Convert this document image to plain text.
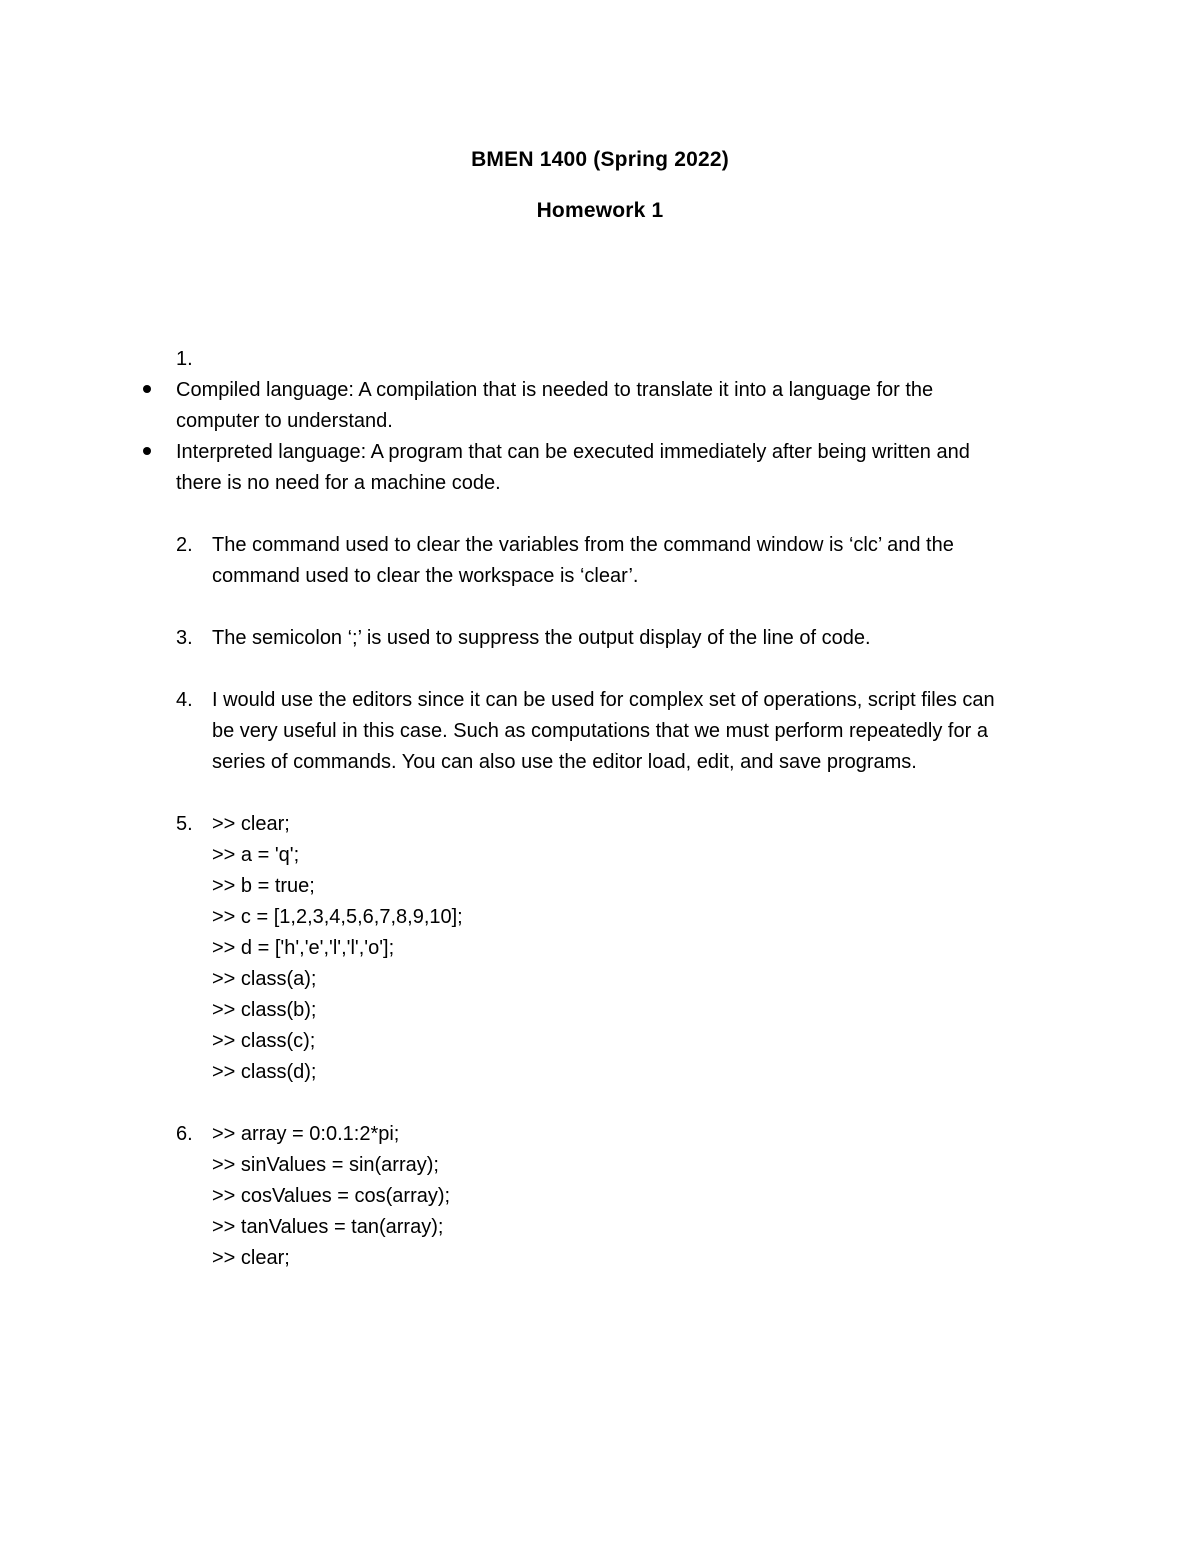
BMEN 1400 (Spring 2022)
Homework 1
1.
Compiled language: A compilation that is needed to translate it into a language for the
computer to understand.
Interpreted language: A program that can be executed immediately after being written and
there is no need for a machine code.
2. The command used to clear the variables from the command window is ‘clc’ and the
command used to clear the workspace is ‘clear’.
3. The semicolon ‘;’ is used to suppress the output display of the line of code.
4. I would use the editors since it can be used for complex set of operations, script files can
be very useful in this case. Such as computations that we must perform repeatedly for a
series of commands. You can also use the editor load, edit, and save programs.
5. >> clear;
>> a = 'q';
>> b = true;
>> c = [1,2,3,4,5,6,7,8,9,10];
>> d = ['h','e','l','l','o'];
>> class(a);
>> class(b);
>> class(c);
>> class(d);
6. >> array = 0:0.1:2*pi;
>> sinValues = sin(array);
>> cosValues = cos(array);
>> tanValues = tan(array);
>> clear;
